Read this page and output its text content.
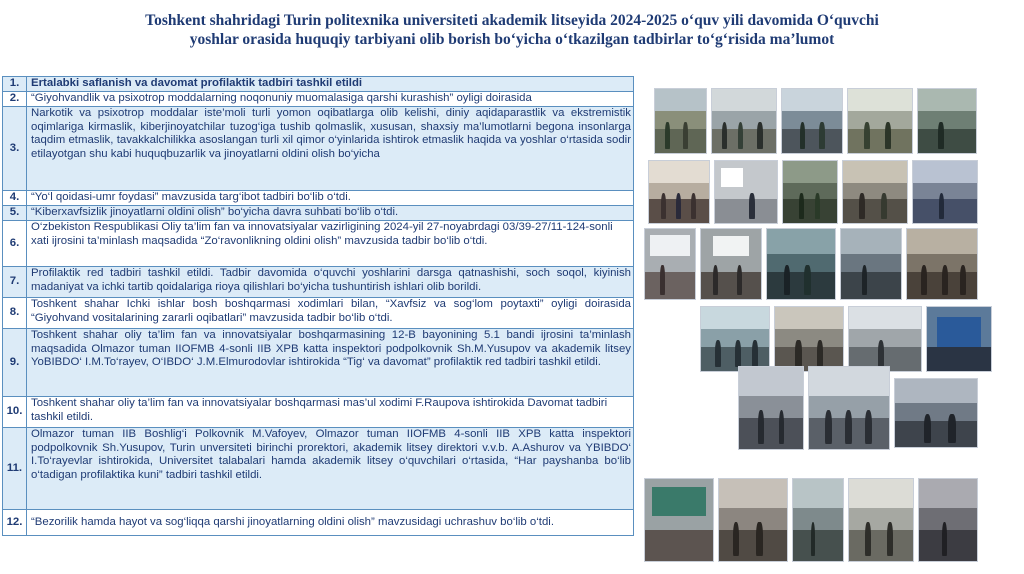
Toshkent shahridagi Turin politexnika universiteti akademik litseyida 2024-2025 o‘quv yili davomida O‘quvchi
yoshlar orasida huquqiy tarbiyani olib borish bo‘yicha o‘tkazilgan tadbirlar to‘g‘risida ma’lumot
1.	Ertalabki saflanish va davomat profilaktik tadbiri tashkil etildi
2.	“Giyohvandlik va psixotrop moddalarning noqonuniy muomalasiga qarshi kurashish” oyligi doirasida
3.	Narkotik va psixotrop moddalar iste’moli turli yomon oqibatlarga olib kelishi, diniy aqidaparastlik va ekstremistik oqimlariga kirmaslik, kiberjinoyatchilar tuzog‘iga tushib qolmaslik, xususan, shaxsiy ma’lumotlarni begona insonlarga taqdim etmaslik, tavakkalchilikka asoslangan turli xil qimor o‘yinlarida ishtirok etmaslik haqida va yoshlar o‘rtasida sodir etilayotgan shu kabi huquqbuzarlik va jinoyatlarni oldini olish bo‘yicha
4.	“Yo‘l qoidasi-umr foydasi” mavzusida targ‘ibot tadbiri bo‘lib o‘tdi.
5.	“Kiberxavfsizlik jinoyatlarni oldini olish” bo‘yicha davra suhbati bo‘lib o‘tdi.
6.	O‘zbekiston Respublikasi Oliy ta’lim fan va innovatsiyalar vazirligining 2024-yil 27-noyabrdagi 03/39-27/11-124-sonli xati ijrosini ta’minlash maqsadida “Zo‘ravonlikning oldini olish” mavzusida tadbir bo‘lib o‘tdi.
7.	Profilaktik red tadbiri tashkil etildi. Tadbir davomida o‘quvchi yoshlarini darsga qatnashishi, soch soqol, kiyinish madaniyat va ichki tartib qoidalariga rioya qilishlari bo‘yicha tushuntirish ishlari olib borildi.
8.	Toshkent shahar Ichki ishlar bosh boshqarmasi xodimlari bilan, “Xavfsiz va sog‘lom poytaxti” oyligi doirasida “Giyohvand vositalarining zararli oqibatlari” mavzusida tadbir bo‘lib o‘tdi.
9.	Toshkent shahar oliy ta’lim fan va innovatsiyalar boshqarmasining 12-B bayonining 5.1 bandi ijrosini ta’minlash maqsadida Olmazor tuman IIOFMB 4-sonli IIB XPB katta inspektori podpolkovnik Sh.M.Yusupov va akademik litsey YoBIBDO‘ I.M.To‘rayev, O‘IBDO‘ J.M.Elmurodovlar ishtirokida “Tig‘ va davomat” profilaktik red tadbiri tashkil etildi.
10.	Toshkent shahar oliy ta’lim fan va innovatsiyalar boshqarmasi mas’ul xodimi F.Raupova ishtirokida Davomat tadbiri tashkil etildi.
11.	Olmazor tuman IIB Boshlig‘i Polkovnik M.Vafoyev, Olmazor tuman IIOFMB 4-sonli IIB XPB katta inspektori podpolkovnik Sh.Yusupov, Turin unversiteti birinchi prorektori, akademik litsey direktori v.v.b. A.Ashurov va YBIBDO‘ I.To‘rayevlar ishtirokida, Universitet talabalari hamda akademik litsey o‘quvchilari o‘rtasida, “Har payshanba bo‘lib o‘tadigan profilaktika kuni” tadbiri tashkil etildi.
12.	“Bezorilik hamda hayot va sog‘liqqa qarshi jinoyatlarning oldini olish” mavzusidagi uchrashuv bo‘lib o‘tdi.
